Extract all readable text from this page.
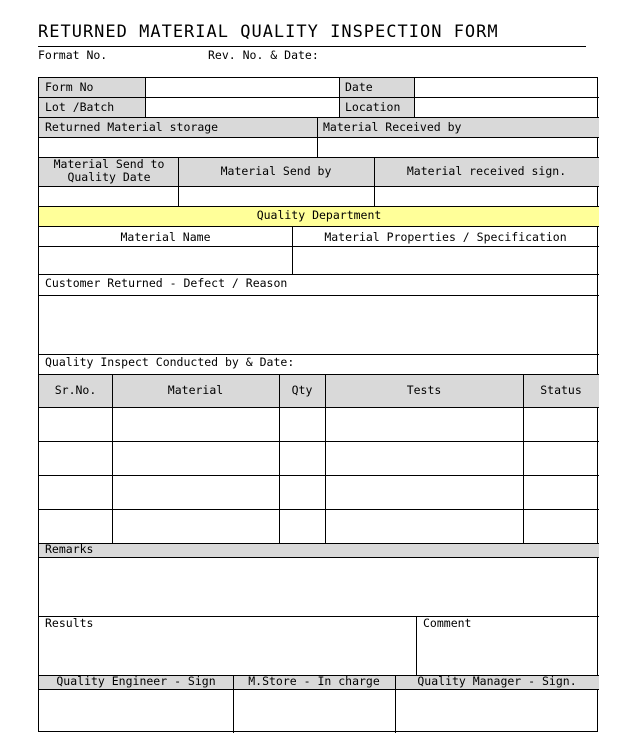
RETURNED MATERIAL QUALITY INSPECTION FORM
Format No.	Rev. No. & Date:
Form No	Date
Lot /Batch	Location
Returned Material storage	Material Received by
Material Send to Quality Date	Material Send by	Material received sign.
Quality Department
Material Name	Material Properties / Specification
Customer Returned - Defect / Reason
Quality Inspect Conducted by & Date:
Sr.No.	Material	Qty	Tests	Status
Remarks
Results	Comment
Quality Engineer - Sign	M.Store - In charge	Quality Manager - Sign.
